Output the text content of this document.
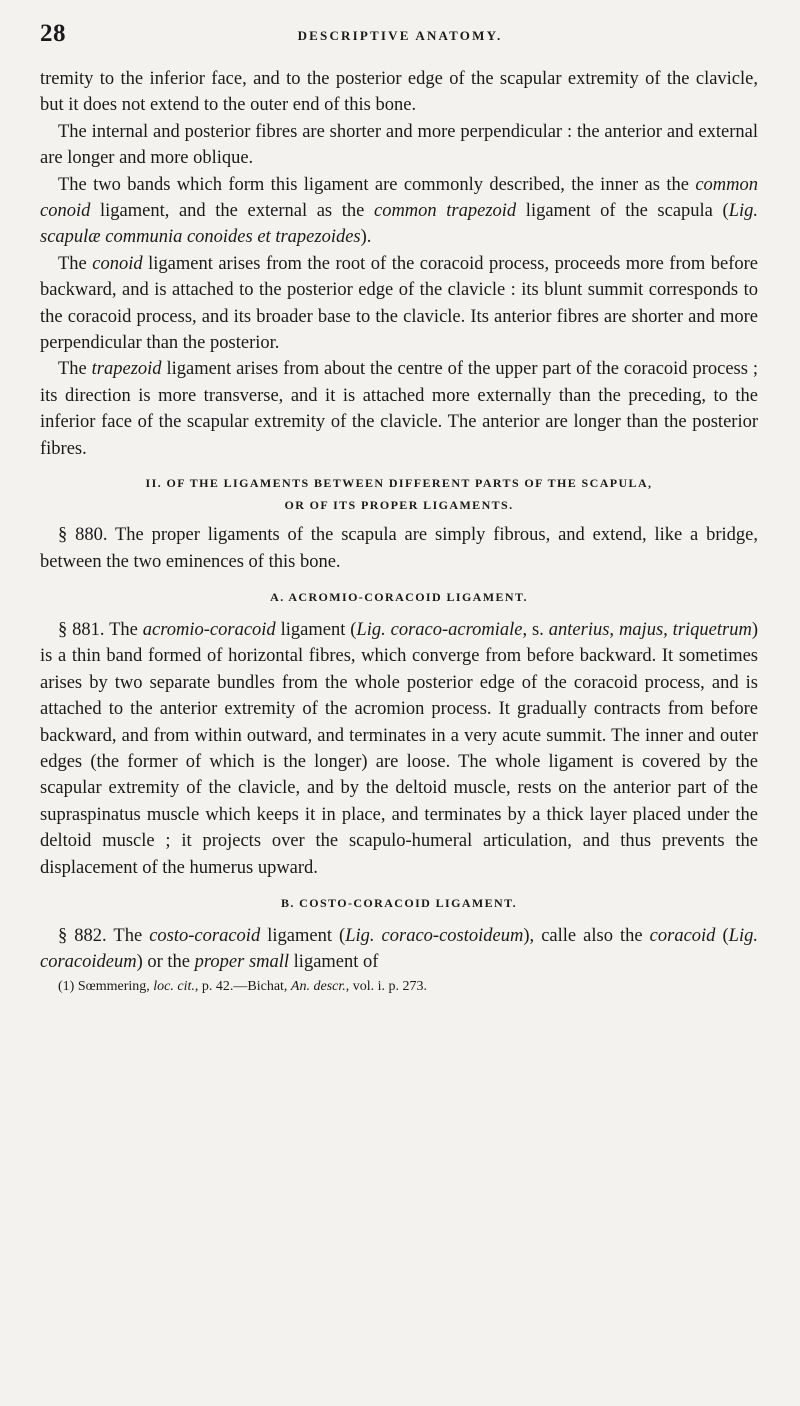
28	DESCRIPTIVE ANATOMY.

tremity to the inferior face, and to the posterior edge of the scapular extremity of the clavicle, but it does not extend to the outer end of this bone.

The internal and posterior fibres are shorter and more perpendicular : the anterior and external are longer and more oblique.

The two bands which form this ligament are commonly described, the inner as the common conoid ligament, and the external as the common trapezoid ligament of the scapula (Lig. scapulæ communia conoides et trapezoides).

The conoid ligament arises from the root of the coracoid process, proceeds more from before backward, and is attached to the posterior edge of the clavicle : its blunt summit corresponds to the coracoid process, and its broader base to the clavicle. Its anterior fibres are shorter and more perpendicular than the posterior.

The trapezoid ligament arises from about the centre of the upper part of the coracoid process ; its direction is more transverse, and it is attached more externally than the preceding, to the inferior face of the scapular extremity of the clavicle. The anterior are longer than the posterior fibres.

II. OF THE LIGAMENTS BETWEEN DIFFERENT PARTS OF THE SCAPULA,
OR OF ITS PROPER LIGAMENTS.

§ 880. The proper ligaments of the scapula are simply fibrous, and extend, like a bridge, between the two eminences of this bone.

A. ACROMIO-CORACOID LIGAMENT.

§ 881. The acromio-coracoid ligament (Lig. coraco-acromiale, s. anterius, majus, triquetrum) is a thin band formed of horizontal fibres, which converge from before backward. It sometimes arises by two separate bundles from the whole posterior edge of the coracoid process, and is attached to the anterior extremity of the acromion process. It gradually contracts from before backward, and from within outward, and terminates in a very acute summit. The inner and outer edges (the former of which is the longer) are loose. The whole ligament is covered by the scapular extremity of the clavicle, and by the deltoid muscle, rests on the anterior part of the supraspinatus muscle which keeps it in place, and terminates by a thick layer placed under the deltoid muscle ; it projects over the scapulo-humeral articulation, and thus prevents the displacement of the humerus upward.

B. COSTO-CORACOID LIGAMENT.

§ 882. The costo-coracoid ligament (Lig. coraco-costoideum), calle also the coracoid (Lig. coracoideum) or the proper small ligament of

(1) Sœmmering, loc. cit., p. 42.—Bichat, An. descr., vol. i. p. 273.
